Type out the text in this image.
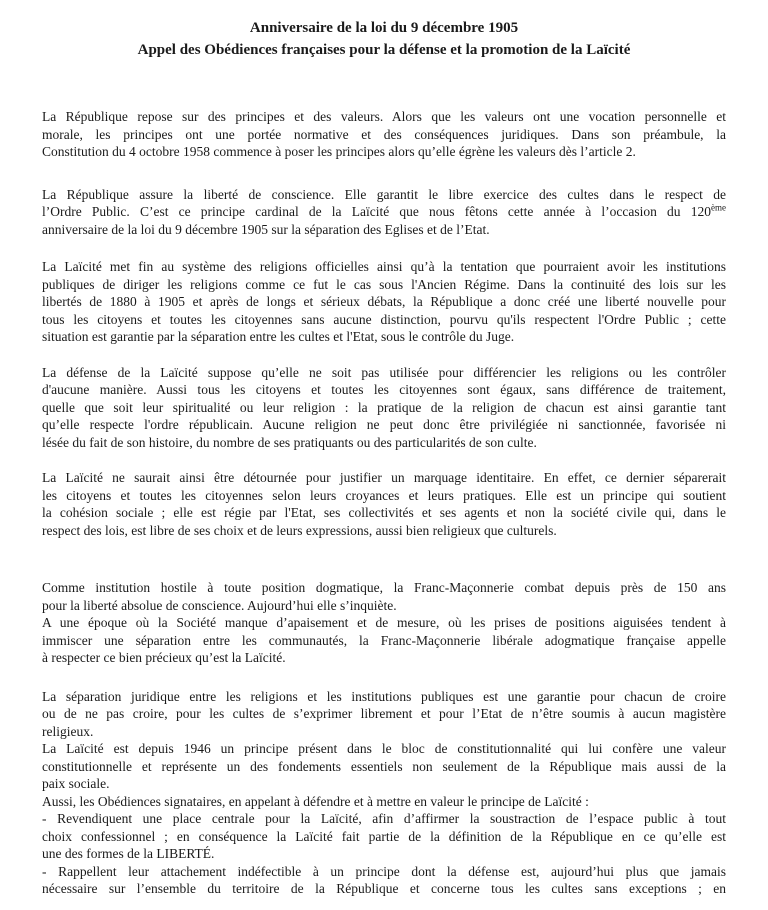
Anniversaire de la loi du 9 décembre 1905
Appel des Obédiences françaises pour la défense et la promotion de la Laïcité
La République repose sur des principes et des valeurs. Alors que les valeurs ont une vocation personnelle et
morale, les principes ont une portée normative et des conséquences juridiques. Dans son préambule, la
Constitution du 4 octobre 1958 commence à poser les principes alors qu’elle égrène les valeurs dès l’article 2.
La République assure la liberté de conscience. Elle garantit le libre exercice des cultes dans le respect de
l’Ordre Public. C’est ce principe cardinal de la Laïcité que nous fêtons cette année à l’occasion du 120ème
anniversaire de la loi du 9 décembre 1905 sur la séparation des Eglises et de l’Etat.
La Laïcité met fin au système des religions officielles ainsi qu’à la tentation que pourraient avoir les institutions
publiques de diriger les religions comme ce fut le cas sous l'Ancien Régime. Dans la continuité des lois sur les
libertés de 1880 à 1905 et après de longs et sérieux débats, la République a donc créé une liberté nouvelle pour
tous les citoyens et toutes les citoyennes sans aucune distinction, pourvu qu'ils respectent l'Ordre Public ; cette
situation est garantie par la séparation entre les cultes et l'Etat, sous le contrôle du Juge.
La défense de la Laïcité suppose qu’elle ne soit pas utilisée pour différencier les religions ou les contrôler
d'aucune manière. Aussi tous les citoyens et toutes les citoyennes sont égaux, sans différence de traitement,
quelle que soit leur spiritualité ou leur religion : la pratique de la religion de chacun est ainsi garantie tant
qu’elle respecte l'ordre républicain. Aucune religion ne peut donc être privilégiée ni sanctionnée, favorisée ni
lésée du fait de son histoire, du nombre de ses pratiquants ou des particularités de son culte.
La Laïcité ne saurait ainsi être détournée pour justifier un marquage identitaire. En effet, ce dernier séparerait
les citoyens et toutes les citoyennes selon leurs croyances et leurs pratiques. Elle est un principe qui soutient
la cohésion sociale ; elle est régie par l'Etat, ses collectivités et ses agents et non la société civile qui, dans le
respect des lois, est libre de ses choix et de leurs expressions, aussi bien religieux que culturels.
Comme institution hostile à toute position dogmatique, la Franc-Maçonnerie combat depuis près de 150 ans
pour la liberté absolue de conscience. Aujourd’hui elle s’inquiète.
A une époque où la Société manque d’apaisement et de mesure, où les prises de positions aiguisées tendent à
immiscer une séparation entre les communautés, la Franc-Maçonnerie libérale adogmatique française appelle
à respecter ce bien précieux qu’est la Laïcité.
La séparation juridique entre les religions et les institutions publiques est une garantie pour chacun de croire
ou de ne pas croire, pour les cultes de s’exprimer librement et pour l’Etat de n’être soumis à aucun magistère
religieux.
La Laïcité est depuis 1946 un principe présent dans le bloc de constitutionnalité qui lui confère une valeur
constitutionnelle et représente un des fondements essentiels non seulement de la République mais aussi de la
paix sociale.
Aussi, les Obédiences signataires, en appelant à défendre et à mettre en valeur le principe de Laïcité :
- Revendiquent une place centrale pour la Laïcité, afin d’affirmer la soustraction de l’espace public à tout
choix confessionnel ; en conséquence la Laïcité fait partie de la définition de la République en ce qu’elle est
une des formes de la LIBERTÉ.
- Rappellent leur attachement indéfectible à un principe dont la défense est, aujourd’hui plus que jamais
nécessaire sur l’ensemble du territoire de la République et concerne tous les cultes sans exceptions ; en
